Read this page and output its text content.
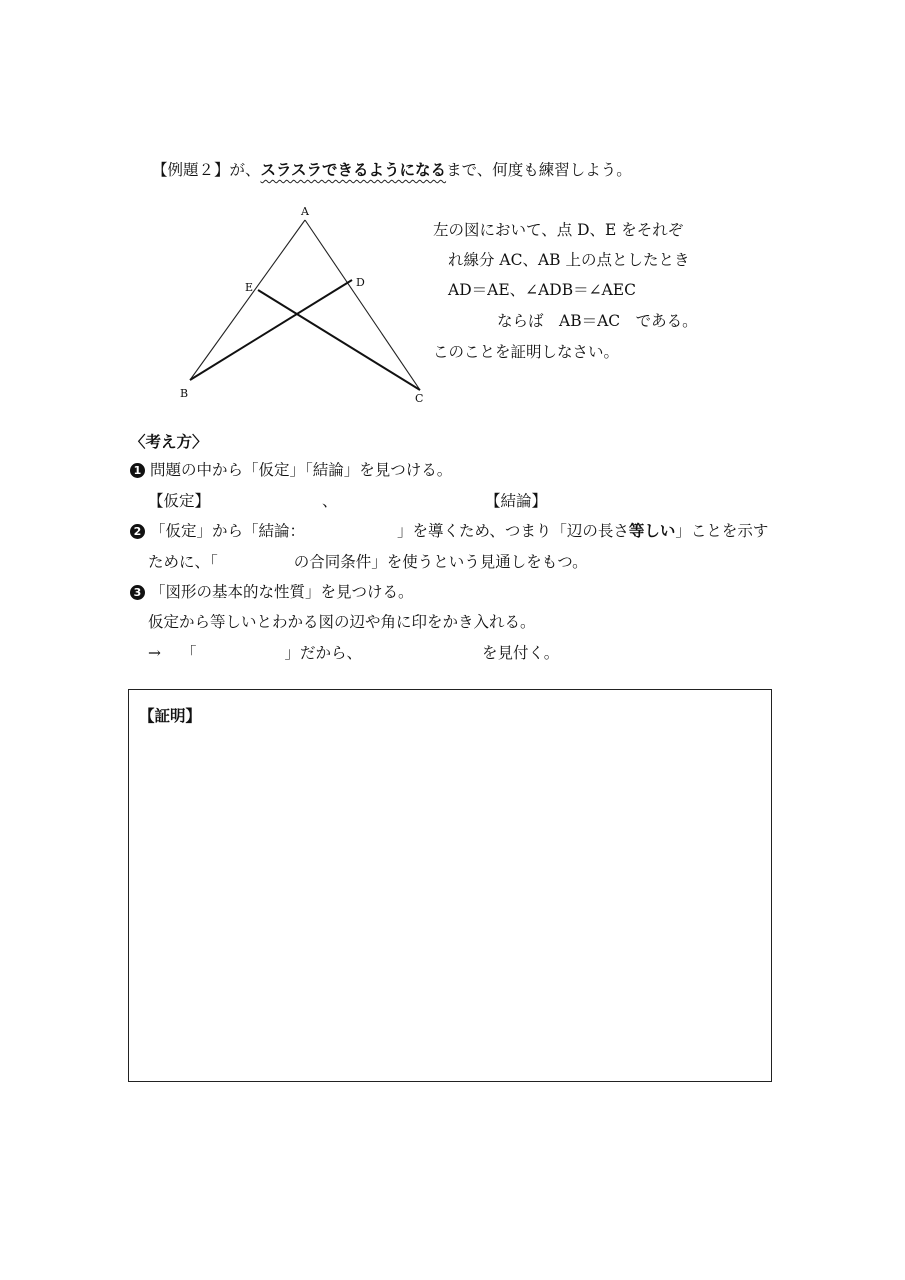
【例題２】が、スラスラできるようになるまで、何度も練習しよう。
A
B	C
D
E
左の図において、点 D、E をそれぞ
れ線分 AC、AB 上の点としたとき
AD＝AE、∠ADB＝∠AEC
ならば　AB＝AC　である。
このことを証明しなさい。
〈考え方〉
1 問題の中から「仮定」「結論」を見つける。
【仮定】	、	【結論】
2 「仮定」から「結論：	」を導くため、つまり「辺の長さ等しい」ことを示す
ために、「	の合同条件」を使うという見通しをもつ。
3 「図形の基本的な性質」を見つける。
仮定から等しいとわかる図の辺や角に印をかき入れる。
→ 「	」だから、	を見付く。
【証明】
